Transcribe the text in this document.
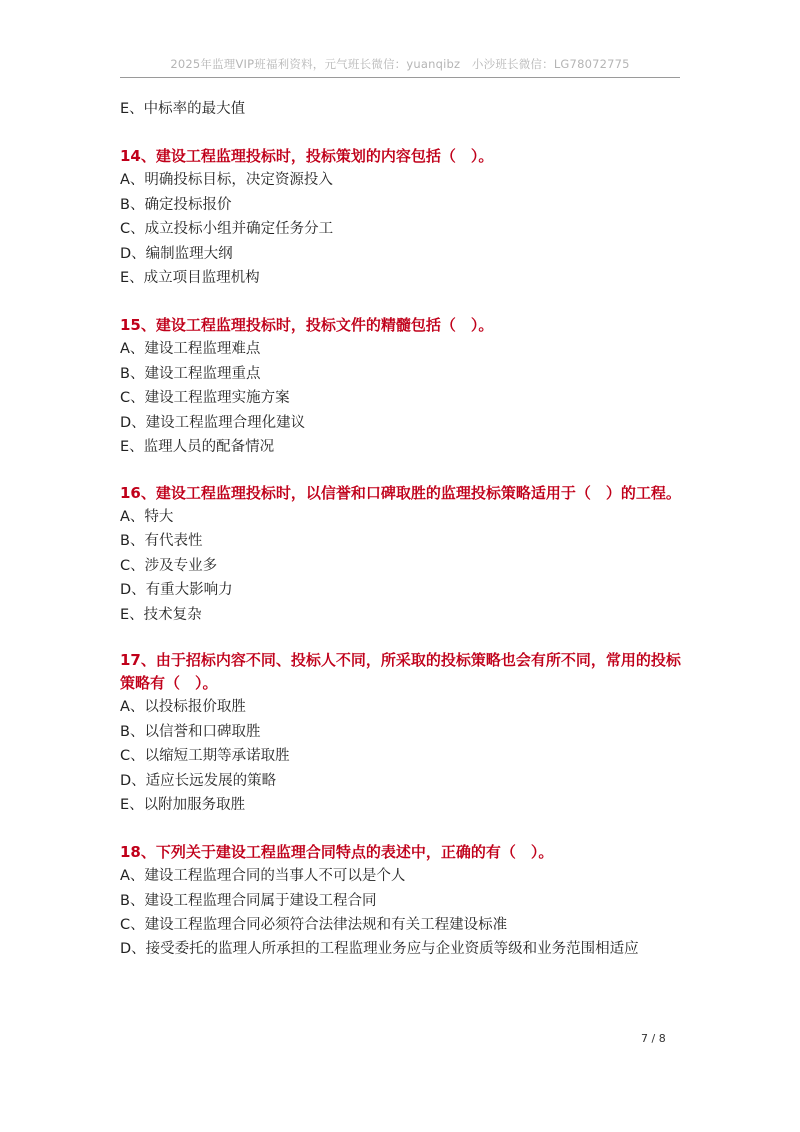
2025年监理VIP班福利资料，元气班长微信：yuanqibz　小沙班长微信：LG78072775

E、中标率的最大值

14、建设工程监理投标时，投标策划的内容包括（　）。

A、明确投标目标，决定资源投入

B、确定投标报价

C、成立投标小组并确定任务分工

D、编制监理大纲

E、成立项目监理机构

15、建设工程监理投标时，投标文件的精髓包括（　）。

A、建设工程监理难点

B、建设工程监理重点

C、建设工程监理实施方案

D、建设工程监理合理化建议

E、监理人员的配备情况

16、建设工程监理投标时，以信誉和口碑取胜的监理投标策略适用于（　）的工程。

A、特大

B、有代表性

C、涉及专业多

D、有重大影响力

E、技术复杂

17、由于招标内容不同、投标人不同，所采取的投标策略也会有所不同，常用的投标策略有（　）。

A、以投标报价取胜

B、以信誉和口碑取胜

C、以缩短工期等承诺取胜

D、适应长远发展的策略

E、以附加服务取胜

18、下列关于建设工程监理合同特点的表述中，正确的有（　）。

A、建设工程监理合同的当事人不可以是个人

B、建设工程监理合同属于建设工程合同

C、建设工程监理合同必须符合法律法规和有关工程建设标准

D、接受委托的监理人所承担的工程监理业务应与企业资质等级和业务范围相适应

7 / 8
